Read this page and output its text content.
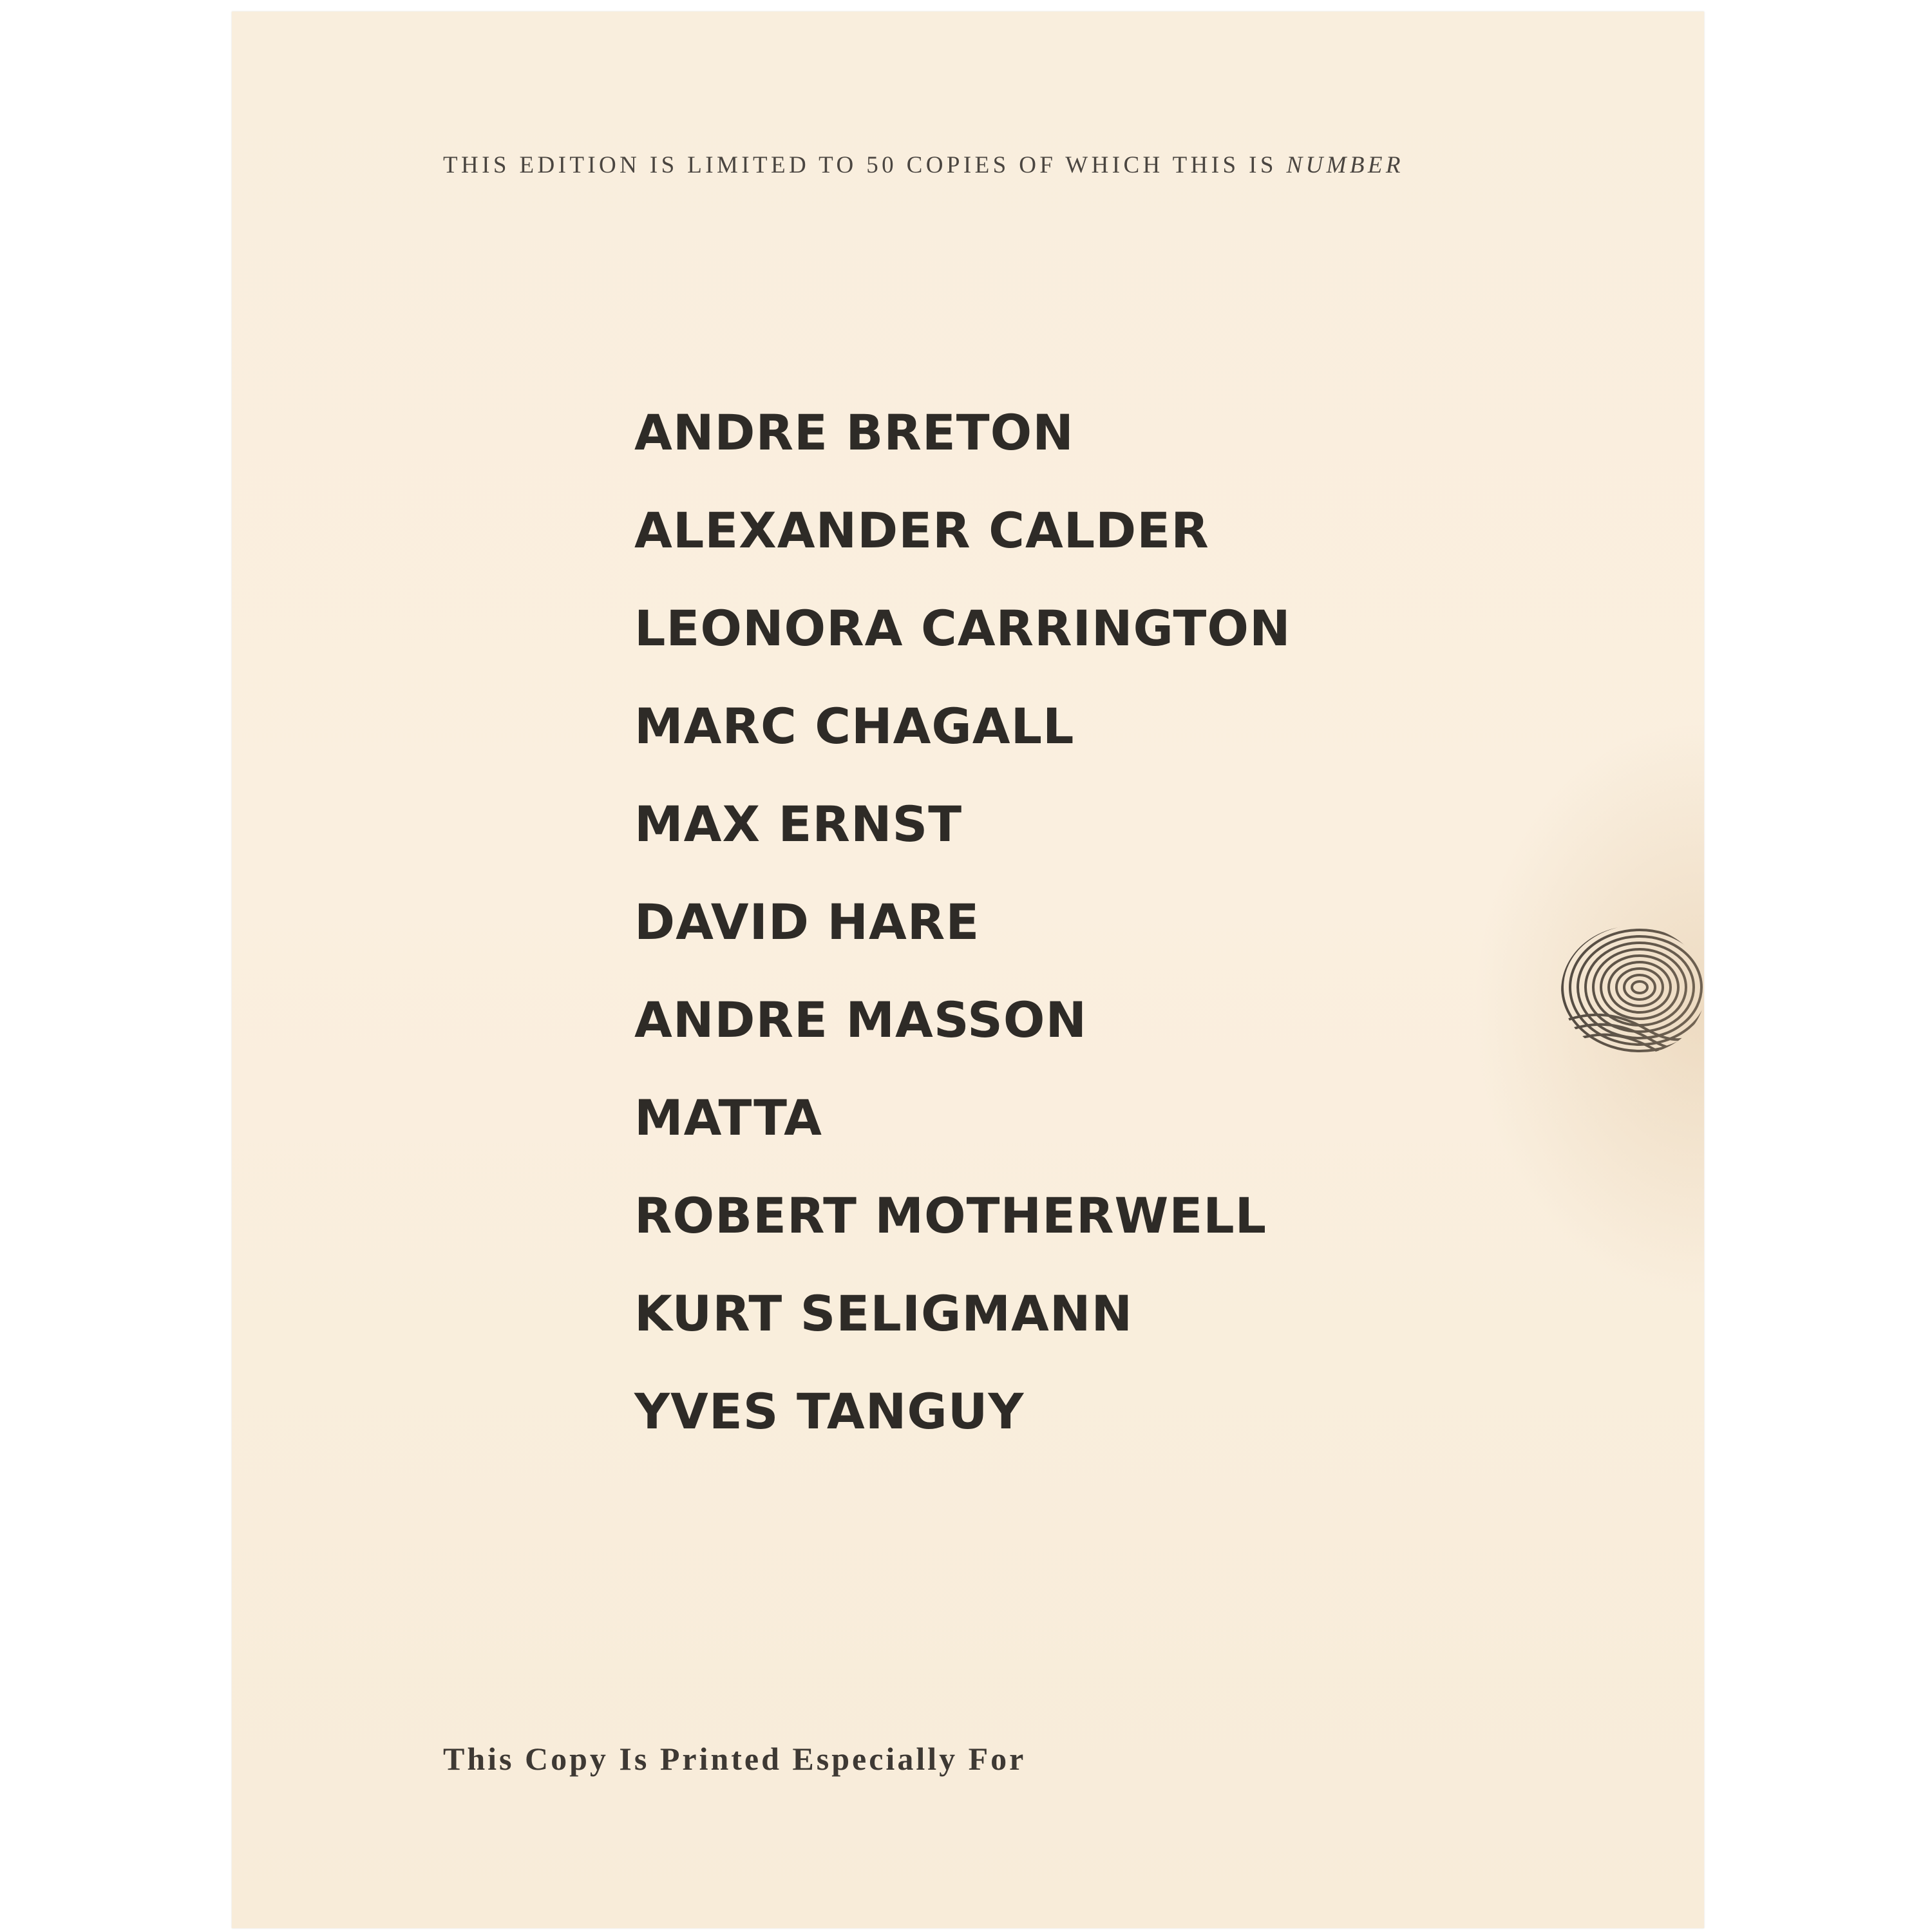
THIS EDITION IS LIMITED TO 50 COPIES OF WHICH THIS IS NUMBER
ANDRE BRETON
ALEXANDER CALDER
LEONORA CARRINGTON
MARC CHAGALL
MAX ERNST
DAVID HARE
ANDRE MASSON
MATTA
ROBERT MOTHERWELL
KURT SELIGMANN
YVES TANGUY
This Copy Is Printed Especially For
